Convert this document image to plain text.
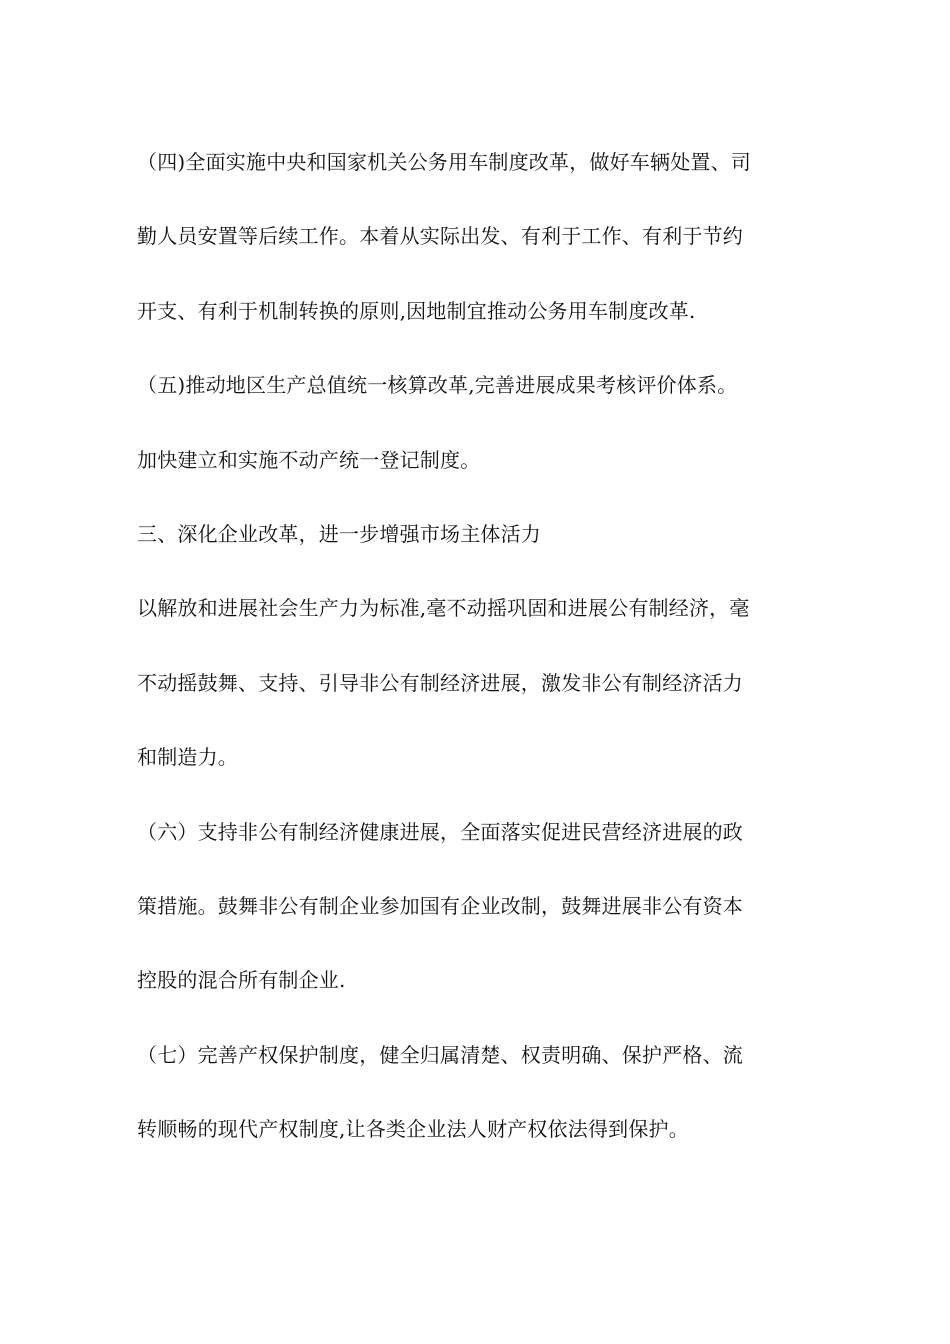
（四)全面实施中央和国家机关公务用车制度改革，做好车辆处置、司
勤人员安置等后续工作。本着从实际出发、有利于工作、有利于节约
开支、有利于机制转换的原则,因地制宜推动公务用车制度改革.
（五)推动地区生产总值统一核算改革,完善进展成果考核评价体系。
加快建立和实施不动产统一登记制度。
三、深化企业改革，进一步增强市场主体活力
以解放和进展社会生产力为标准,毫不动摇巩固和进展公有制经济，毫
不动摇鼓舞、支持、引导非公有制经济进展，激发非公有制经济活力
和制造力。
（六）支持非公有制经济健康进展，全面落实促进民营经济进展的政
策措施。鼓舞非公有制企业参加国有企业改制，鼓舞进展非公有资本
控股的混合所有制企业.
（七）完善产权保护制度，健全归属清楚、权责明确、保护严格、流
转顺畅的现代产权制度,让各类企业法人财产权依法得到保护。
